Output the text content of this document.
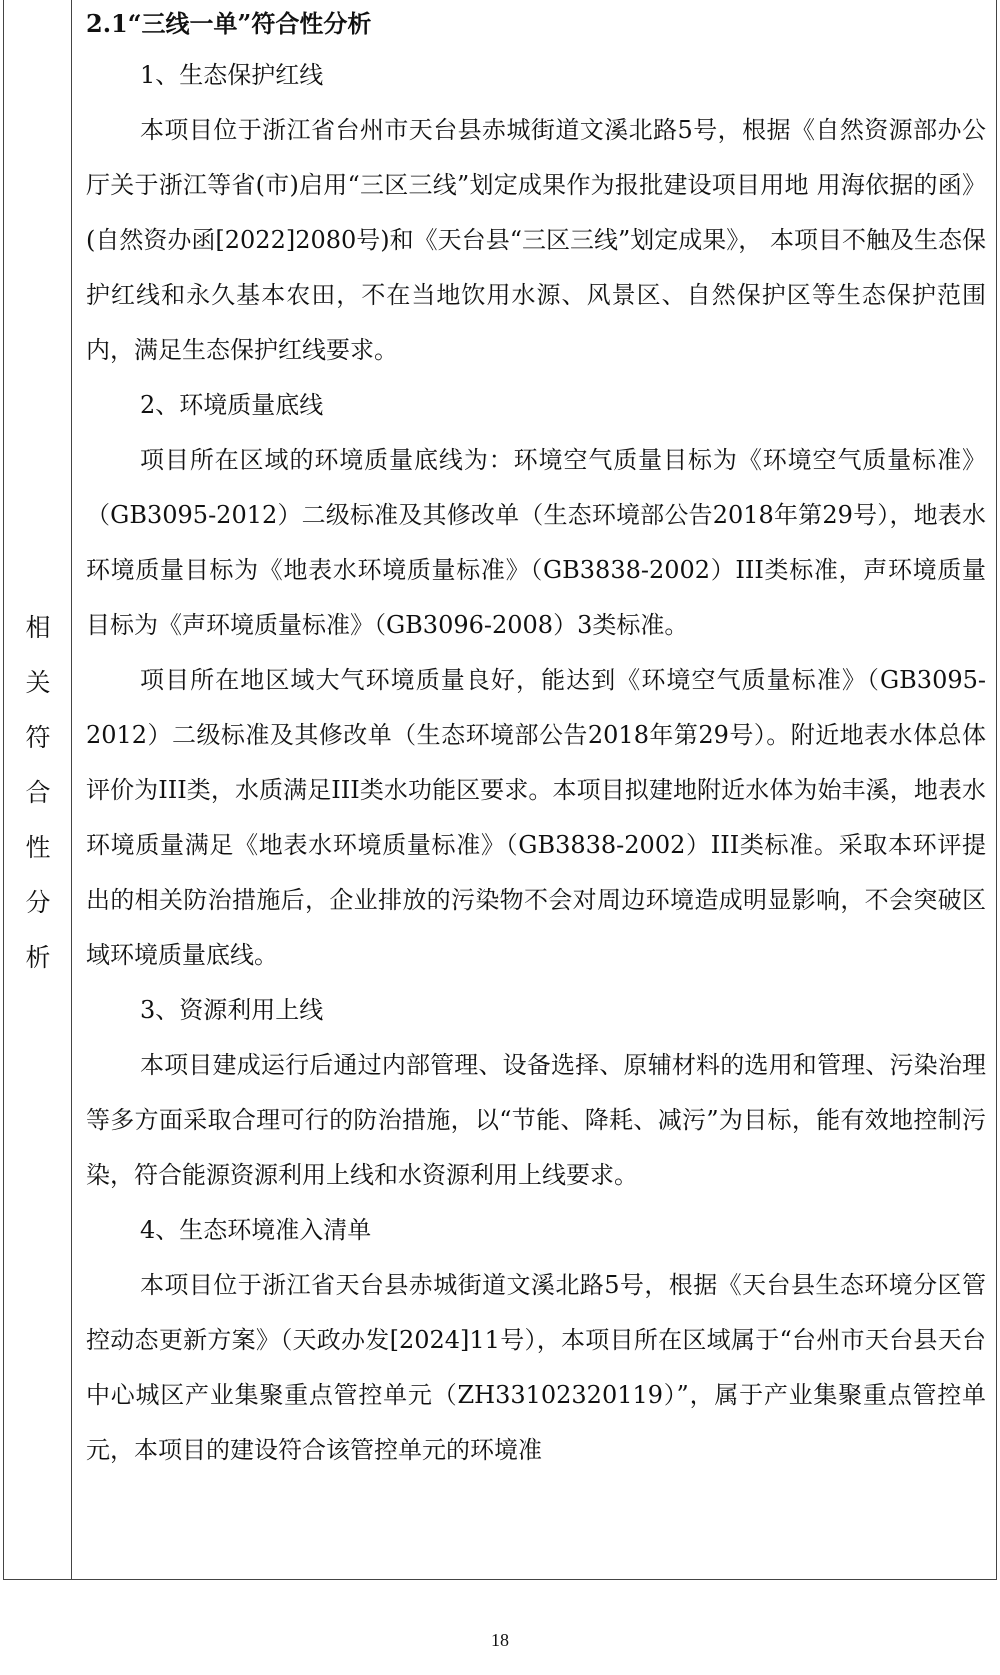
相
关
符
合
性
分
析

2.1“三线一单”符合性分析

1、生态保护红线

本项目位于浙江省台州市天台县赤城街道文溪北路5号，根据《自然资源部办公厅关于浙江等省(市)启用“三区三线”划定成果作为报批建设项目用地 用海依据的函》(自然资办函[2022]2080号)和《天台县“三区三线”划定成果》， 本项目不触及生态保护红线和永久基本农田，不在当地饮用水源、风景区、自然保护区等生态保护范围内，满足生态保护红线要求。

2、环境质量底线

项目所在区域的环境质量底线为：环境空气质量目标为《环境空气质量标准》（GB3095-2012）二级标准及其修改单（生态环境部公告2018年第29号），地表水环境质量目标为《地表水环境质量标准》（GB3838-2002）III类标准，声环境质量目标为《声环境质量标准》（GB3096-2008）3类标准。

项目所在地区域大气环境质量良好，能达到《环境空气质量标准》（GB3095-2012）二级标准及其修改单（生态环境部公告2018年第29号）。附近地表水体总体评价为III类，水质满足III类水功能区要求。本项目拟建地附近水体为始丰溪，地表水环境质量满足《地表水环境质量标准》（GB3838-2002）III类标准。采取本环评提出的相关防治措施后，企业排放的污染物不会对周边环境造成明显影响，不会突破区域环境质量底线。

3、资源利用上线

本项目建成运行后通过内部管理、设备选择、原辅材料的选用和管理、污染治理等多方面采取合理可行的防治措施，以“节能、降耗、减污”为目标，能有效地控制污染，符合能源资源利用上线和水资源利用上线要求。

4、生态环境准入清单

本项目位于浙江省天台县赤城街道文溪北路5号，根据《天台县生态环境分区管控动态更新方案》（天政办发[2024]11号），本项目所在区域属于“台州市天台县天台中心城区产业集聚重点管控单元（ZH33102320119）”，属于产业集聚重点管控单元，本项目的建设符合该管控单元的环境准

18
